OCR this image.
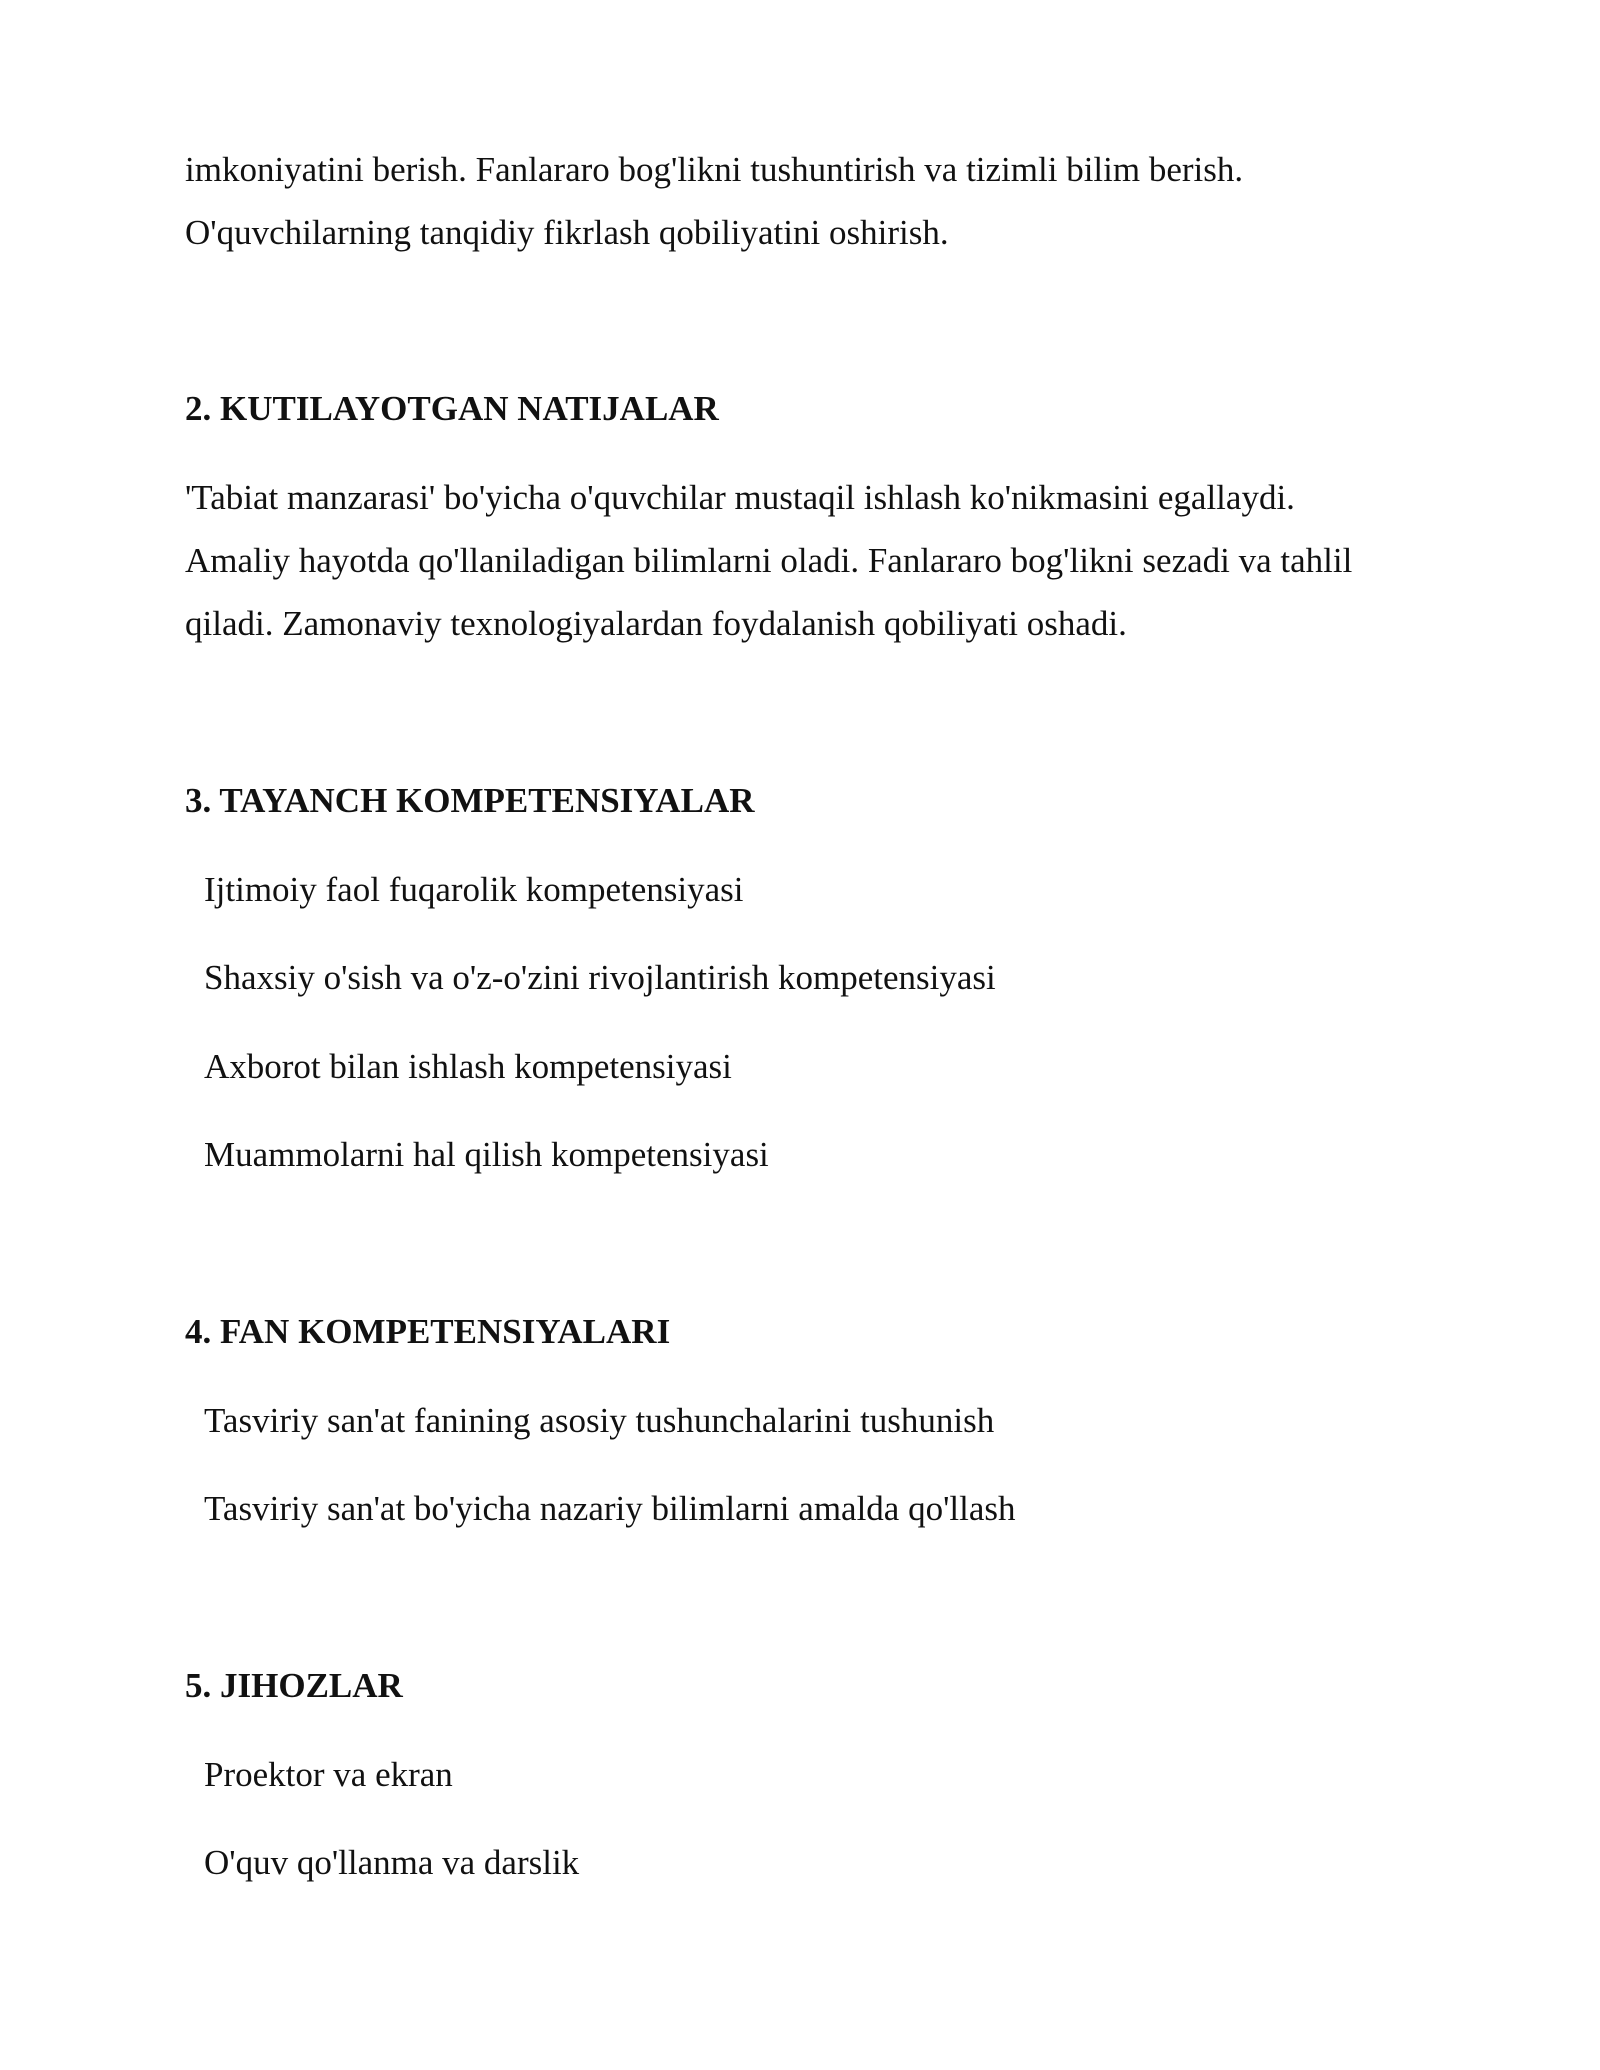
imkoniyatini berish. Fanlararo bog'likni tushuntirish va tizimli bilim berish.
O'quvchilarning tanqidiy fikrlash qobiliyatini oshirish.
2. KUTILAYOTGAN NATIJALAR
'Tabiat manzarasi' bo'yicha o'quvchilar mustaqil ishlash ko'nikmasini egallaydi.
Amaliy hayotda qo'llaniladigan bilimlarni oladi. Fanlararo bog'likni sezadi va tahlil
qiladi. Zamonaviy texnologiyalardan foydalanish qobiliyati oshadi.
3. TAYANCH KOMPETENSIYALAR
Ijtimoiy faol fuqarolik kompetensiyasi
Shaxsiy o'sish va o'z-o'zini rivojlantirish kompetensiyasi
Axborot bilan ishlash kompetensiyasi
Muammolarni hal qilish kompetensiyasi
4. FAN KOMPETENSIYALARI
Tasviriy san'at fanining asosiy tushunchalarini tushunish
Tasviriy san'at bo'yicha nazariy bilimlarni amalda qo'llash
5. JIHOZLAR
Proektor va ekran
O'quv qo'llanma va darslik
